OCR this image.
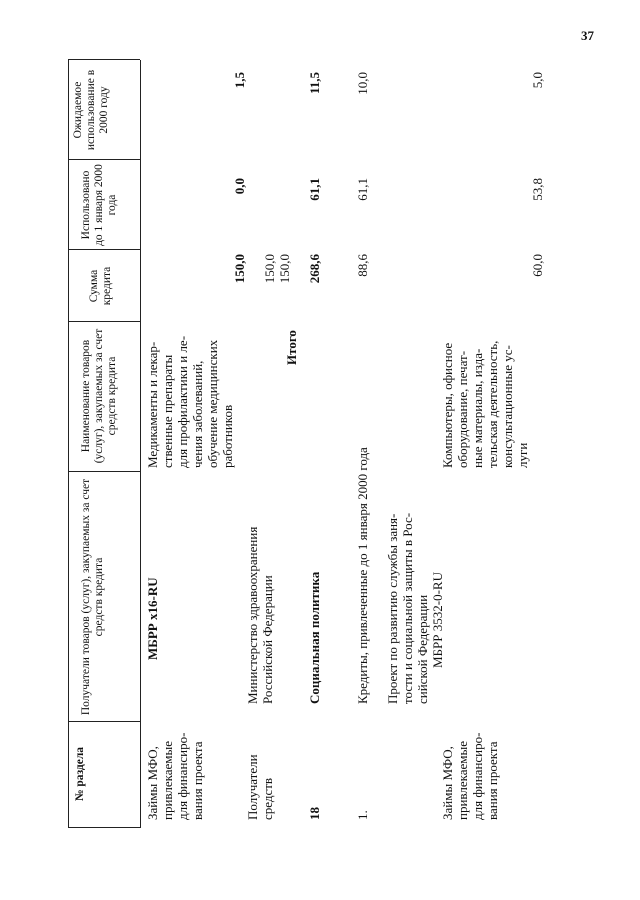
37
№ раздела
Получатели товаров (услуг), закупаемых за счет средств кредита
Наименование товаров (услуг), закупаемых за счет средств кредита
Сумма кредита
Использовано до 1 января 2000 года
Ожидаемое использование в 2000 году
Займы МФО, привлекаемые для финансиро- вания проекта
МБРР x16-RU
Медикаменты и лекар- ственные препараты для профилактики и ле- чения заболеваний, обучение медицинских работников
150,0
0,0
1,5
Получатели средств
Министерство здравоохранения Российской Федерации
150,0 150,0
Итого
18
Социальная политика
268,6
61,1
11,5
1.
Кредиты, привлеченные до 1 января 2000 года
88,6
61,1
10,0
Проект по развитию службы заня- тости и социальной защиты в Рос- сийской Федерации МБРР 3532-0-RU
Займы МФО, привлекаемые для финансиро- вания проекта
Компьютеры, офисное оборудование, печат- ные материалы, изда- тельская деятельность, консультационные ус- луги
60,0
53,8
5,0
